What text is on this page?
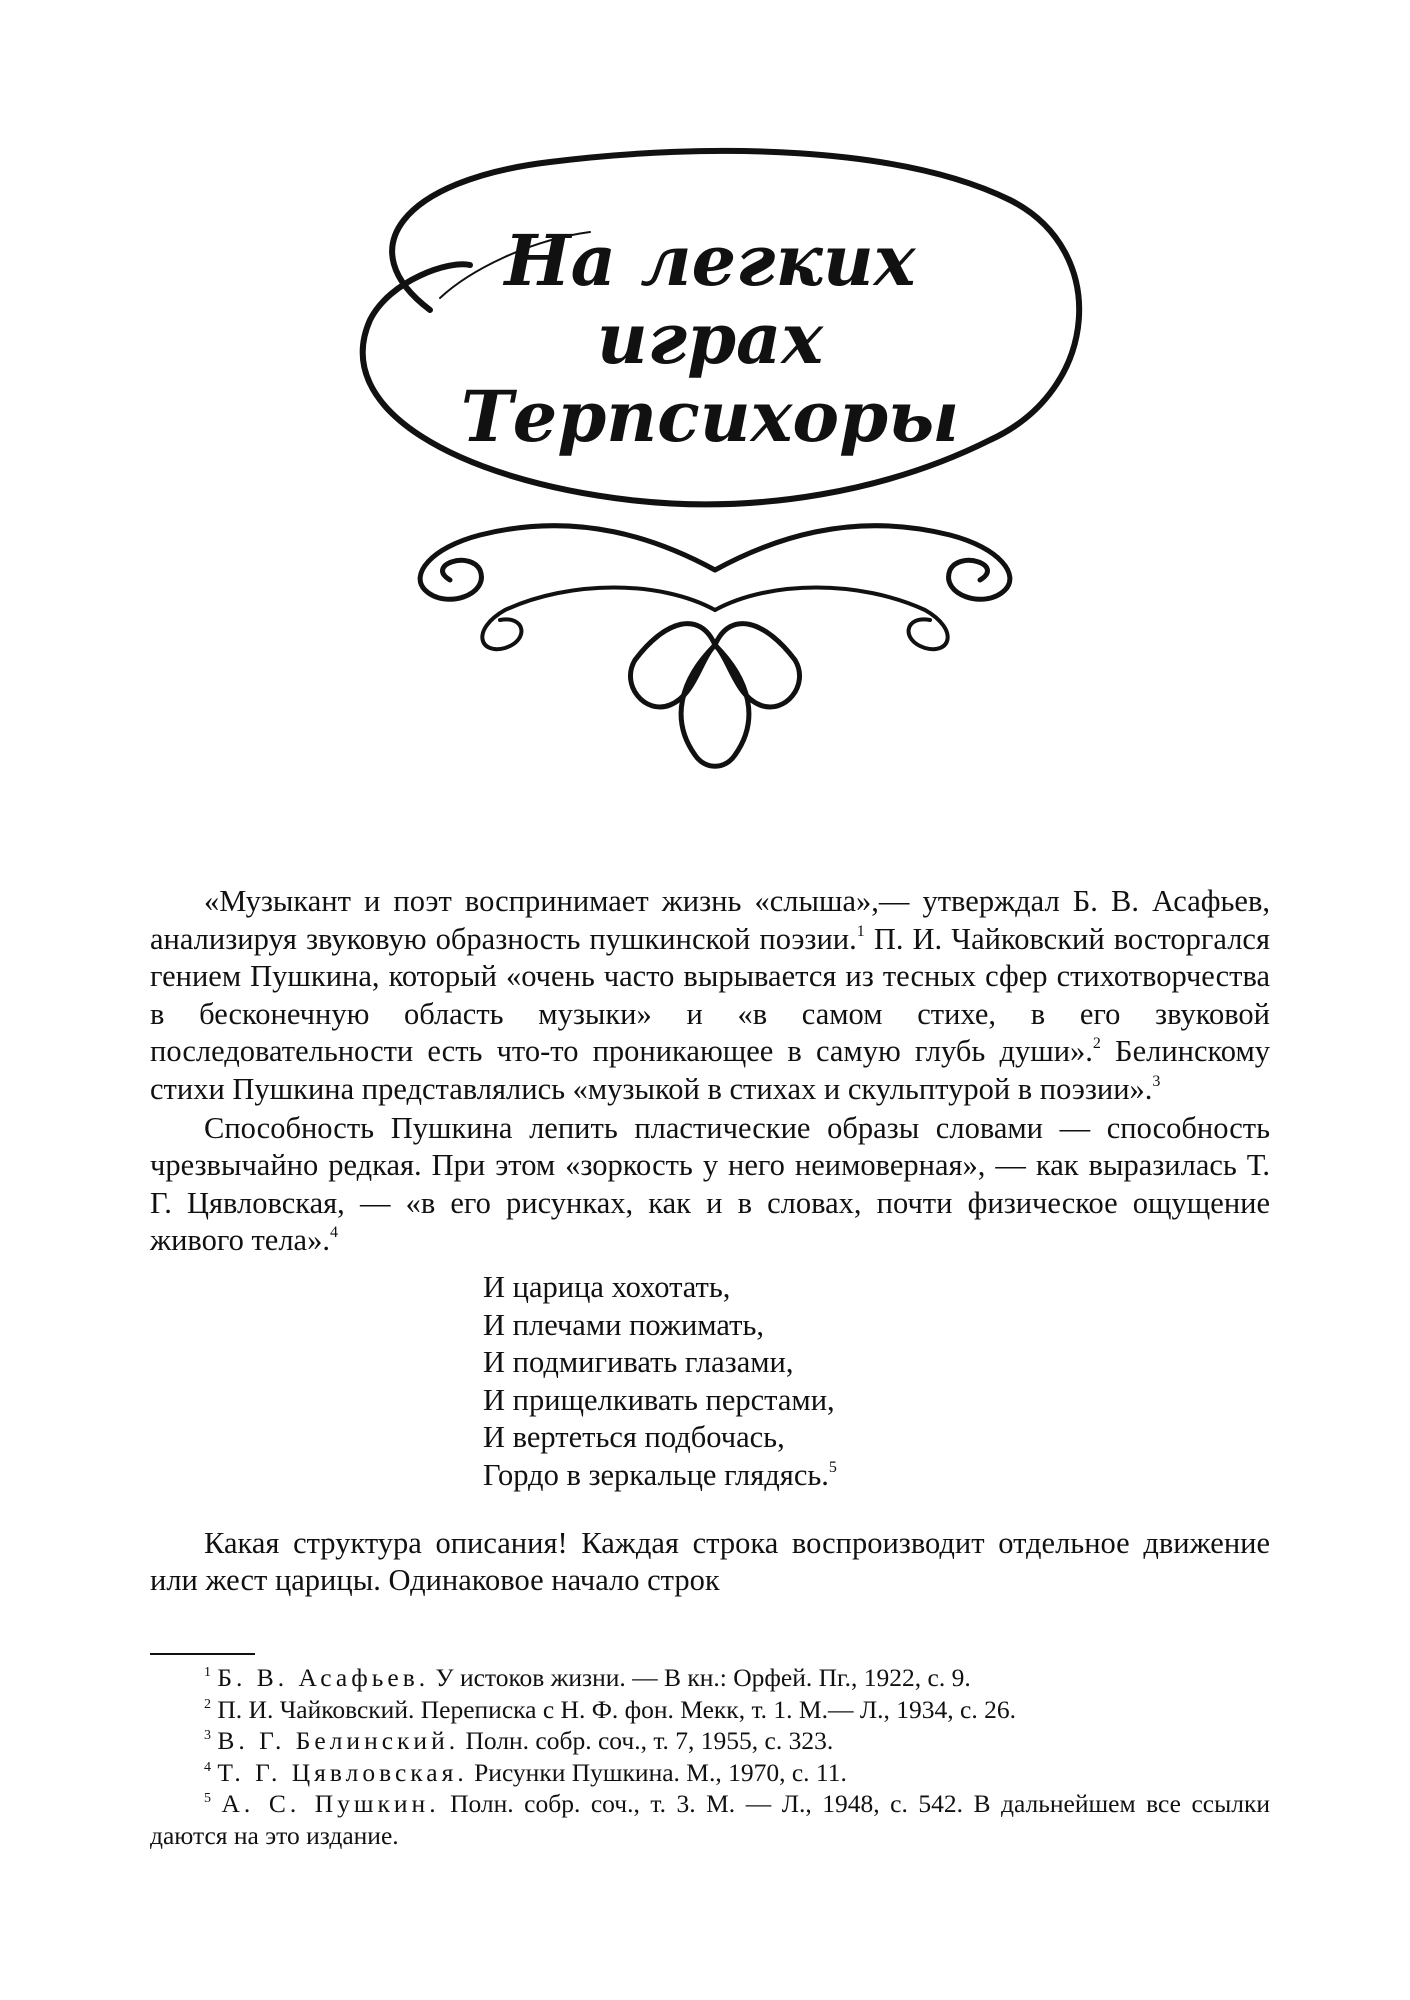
На легких
играх
Терпсихоры

«Музыкант и поэт воспринимает жизнь «слыша»,— утверждал Б. В. Асафьев, анализируя звуковую образность пушкинской поэзии.$^1$ П. И. Чайковский восторгался гением Пушкина, который «очень часто вырывается из тесных сфер стихотворчества в бесконечную область музыки» и «в самом стихе, в его звуковой последовательности есть что-то проникающее в самую глубь души».$^2$ Белинскому стихи Пушкина представлялись «музыкой в стихах и скульптурой в поэзии».$^3$

Способность Пушкина лепить пластические образы словами — способность чрезвычайно редкая. При этом «зоркость у него неимоверная», — как выразилась Т. Г. Цявловская, — «в его рисунках, как и в словах, почти физическое ощущение живого тела».$^4$

И царица хохотать,
И плечами пожимать,
И подмигивать глазами,
И прищелкивать перстами,
И вертеться подбочась,
Гордо в зеркальце глядясь.$^5$

Какая структура описания! Каждая строка воспроизводит отдельное движение или жест царицы. Одинаковое начало строк

$^1$ Б. В. Асафьев. У истоков жизни. — В кн.: Орфей. Пг., 1922, с. 9.

$^2$ П. И. Чайковский. Переписка с Н. Ф. фон. Мекк, т. 1. М.— Л., 1934, с. 26.

$^3$ В. Г. Белинский. Полн. собр. соч., т. 7, 1955, с. 323.

$^4$ Т. Г. Цявловская. Рисунки Пушкина. М., 1970, с. 11.

$^5$ А. С. Пушкин. Полн. собр. соч., т. 3. М. — Л., 1948, с. 542. В дальнейшем все ссылки даются на это издание.
